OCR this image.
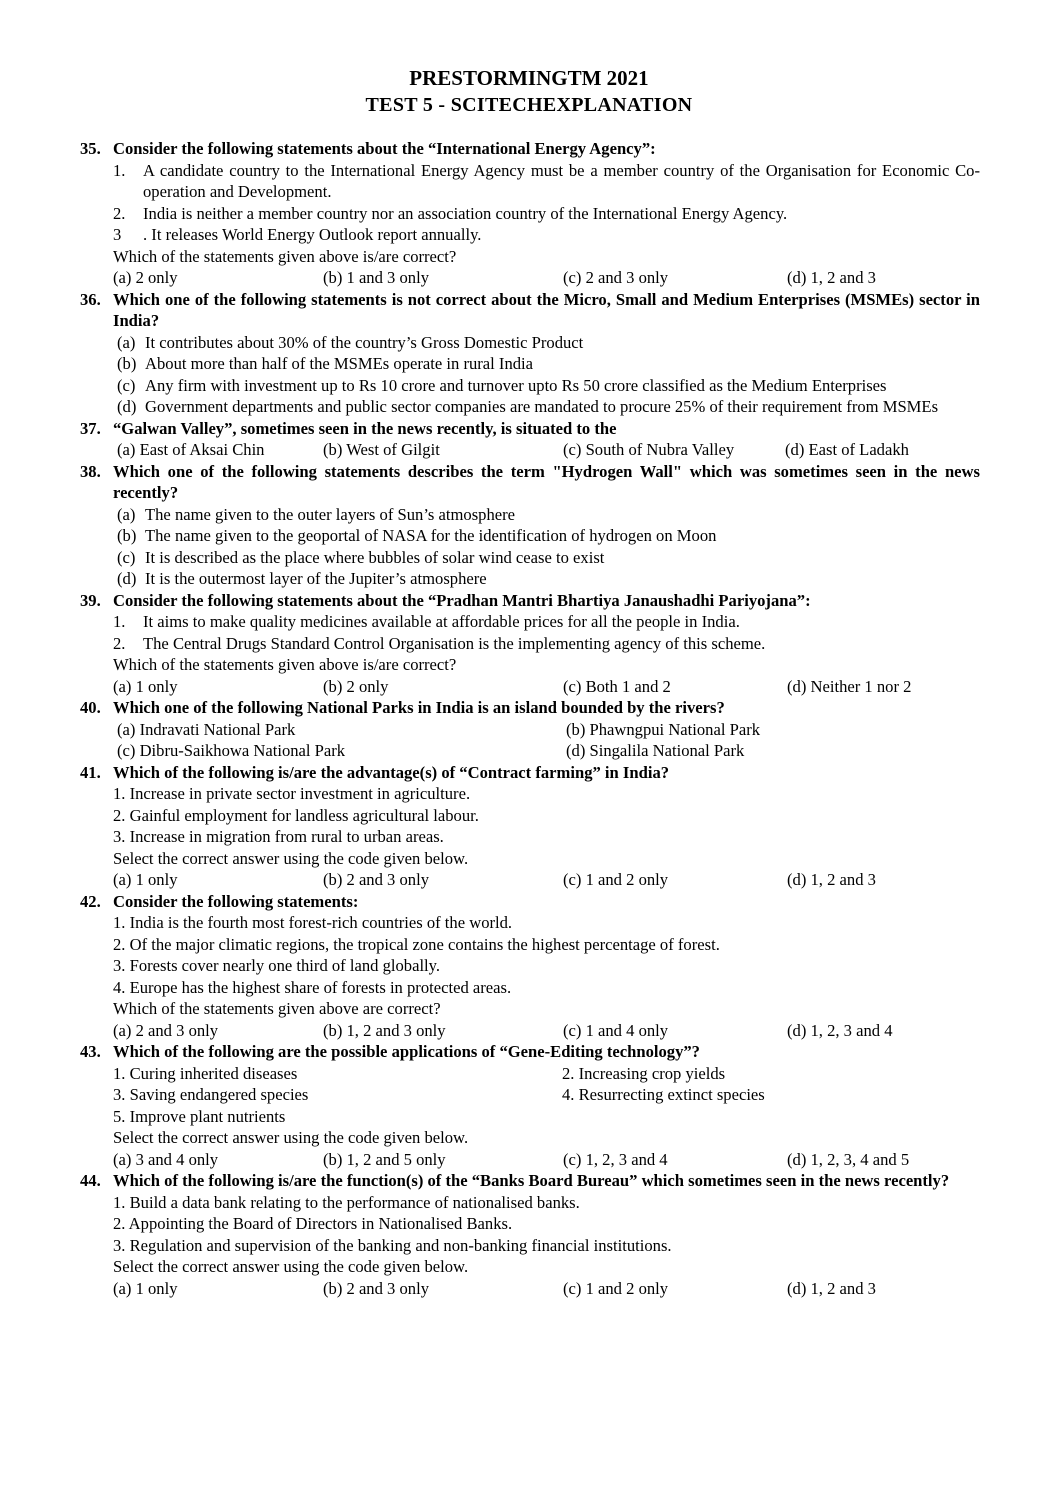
PRESTORMINGTM 2021
TEST 5 - SCITECHEXPLANATION
35. Consider the following statements about the “International Energy Agency”:
1.	A candidate country to the International Energy Agency must be a member country of the Organisation for Economic Co-operation and Development.
2.	India is neither a member country nor an association country of the International Energy Agency.
3	. It releases World Energy Outlook report annually.
Which of the statements given above is/are correct?
(a) 2 only	(b) 1 and 3 only	(c) 2 and 3 only	(d) 1, 2 and 3
36. Which one of the following statements is not correct about the Micro, Small and Medium Enterprises (MSMEs) sector in India?
(a) It contributes about 30% of the country’s Gross Domestic Product
(b) About more than half of the MSMEs operate in rural India
(c) Any firm with investment up to Rs 10 crore and turnover upto Rs 50 crore classified as the Medium Enterprises
(d) Government departments and public sector companies are mandated to procure 25% of their requirement from MSMEs
37. “Galwan Valley”, sometimes seen in the news recently, is situated to the
(a) East of Aksai Chin	(b) West of Gilgit	(c) South of Nubra Valley	(d) East of Ladakh
38. Which one of the following statements describes the term "Hydrogen Wall" which was sometimes seen in the news recently?
(a) The name given to the outer layers of Sun’s atmosphere
(b) The name given to the geoportal of NASA for the identification of hydrogen on Moon
(c) It is described as the place where bubbles of solar wind cease to exist
(d) It is the outermost layer of the Jupiter’s atmosphere
39. Consider the following statements about the “Pradhan Mantri Bhartiya Janaushadhi Pariyojana”:
1.	It aims to make quality medicines available at affordable prices for all the people in India.
2.	The Central Drugs Standard Control Organisation is the implementing agency of this scheme.
Which of the statements given above is/are correct?
(a) 1 only	(b) 2 only	(c) Both 1 and 2	(d) Neither 1 nor 2
40. Which one of the following National Parks in India is an island bounded by the rivers?
(a) Indravati National Park	(b) Phawngpui National Park
(c) Dibru-Saikhowa National Park	(d) Singalila National Park
41. Which of the following is/are the advantage(s) of “Contract farming” in India?
1. Increase in private sector investment in agriculture.
2. Gainful employment for landless agricultural labour.
3. Increase in migration from rural to urban areas.
Select the correct answer using the code given below.
(a) 1 only	(b) 2 and 3 only	(c) 1 and 2 only	(d) 1, 2 and 3
42. Consider the following statements:
1. India is the fourth most forest-rich countries of the world.
2. Of the major climatic regions, the tropical zone contains the highest percentage of forest.
3. Forests cover nearly one third of land globally.
4. Europe has the highest share of forests in protected areas.
Which of the statements given above are correct?
(a) 2 and 3 only	(b) 1, 2 and 3 only	(c) 1 and 4 only	(d) 1, 2, 3 and 4
43. Which of the following are the possible applications of “Gene-Editing technology”?
1. Curing inherited diseases	2. Increasing crop yields
3. Saving endangered species	4. Resurrecting extinct species
5. Improve plant nutrients
Select the correct answer using the code given below.
(a) 3 and 4 only	(b) 1, 2 and 5 only	(c) 1, 2, 3 and 4	(d) 1, 2, 3, 4 and 5
44. Which of the following is/are the function(s) of the “Banks Board Bureau” which sometimes seen in the news recently?
1. Build a data bank relating to the performance of nationalised banks.
2. Appointing the Board of Directors in Nationalised Banks.
3. Regulation and supervision of the banking and non-banking financial institutions.
Select the correct answer using the code given below.
(a) 1 only	(b) 2 and 3 only	(c) 1 and 2 only	(d) 1, 2 and 3
